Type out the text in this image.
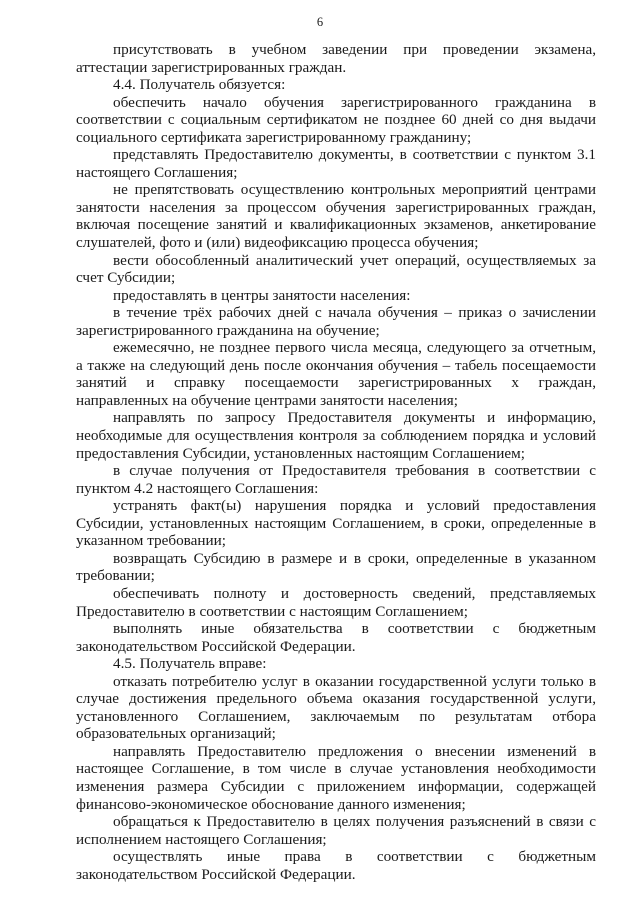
6

присутствовать в учебном заведении при проведении экзамена, аттестации зарегистрированных граждан.

4.4. Получатель обязуется:

обеспечить начало обучения зарегистрированного гражданина в соответствии с социальным сертификатом не позднее 60 дней со дня выдачи социального сертификата зарегистрированному гражданину;

представлять Предоставителю документы, в соответствии с пунктом 3.1 настоящего Соглашения;

не препятствовать осуществлению контрольных мероприятий центрами занятости населения за процессом обучения зарегистрированных граждан, включая посещение занятий и квалификационных экзаменов, анкетирование слушателей, фото и (или) видеофиксацию процесса обучения;

вести обособленный аналитический учет операций, осуществляемых за счет Субсидии;

предоставлять в центры занятости населения:

в течение трёх рабочих дней с начала обучения – приказ о зачислении зарегистрированного гражданина на обучение;

ежемесячно, не позднее первого числа месяца, следующего за отчетным, а также на следующий день после окончания обучения – табель посещаемости занятий и справку посещаемости зарегистрированных х граждан, направленных на обучение центрами занятости населения;

направлять по запросу Предоставителя документы и информацию, необходимые для осуществления контроля за соблюдением порядка и условий предоставления Субсидии, установленных настоящим Соглашением;

в случае получения от Предоставителя требования в соответствии с пунктом 4.2 настоящего Соглашения:

устранять факт(ы) нарушения порядка и условий предоставления Субсидии, установленных настоящим Соглашением, в сроки, определенные в указанном требовании;

возвращать Субсидию в размере и в сроки, определенные в указанном требовании;

обеспечивать полноту и достоверность сведений, представляемых Предоставителю в соответствии с настоящим Соглашением;

выполнять иные обязательства в соответствии с бюджетным законодательством Российской Федерации.

4.5. Получатель вправе:

отказать потребителю услуг в оказании государственной услуги только в случае достижения предельного объема оказания государственной услуги, установленного Соглашением, заключаемым по результатам отбора образовательных организаций;

направлять Предоставителю предложения о внесении изменений в настоящее Соглашение, в том числе в случае установления необходимости изменения размера Субсидии с приложением информации, содержащей финансово-экономическое обоснование данного изменения;

обращаться к Предоставителю в целях получения разъяснений в связи с исполнением настоящего Соглашения;

осуществлять иные права в соответствии с бюджетным законодательством Российской Федерации.
